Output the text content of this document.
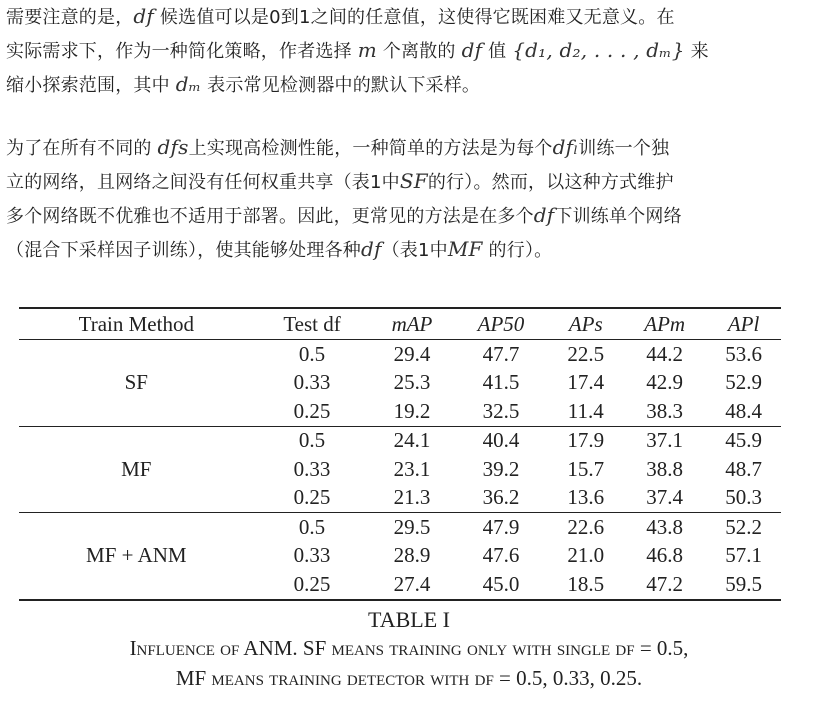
需要注意的是，df 候选值可以是0到1之间的任意值，这使得它既困难又无意义。在
实际需求下，作为一种简化策略，作者选择 m 个离散的 df 值 {d₁, d₂, . . . , dₘ} 来
缩小探索范围，其中 dₘ 表示常见检测器中的默认下采样。
为了在所有不同的 dfs上实现高检测性能，一种简单的方法是为每个dfₗ训练一个独
立的网络，且网络之间没有任何权重共享（表1中SF的行）。然而，以这种方式维护
多个网络既不优雅也不适用于部署。因此，更常见的方法是在多个df下训练单个网络
（混合下采样因子训练），使其能够处理各种df（表1中MF 的行）。
Train Method	Test df	mAP	AP50	APs	APm	APl
SF	0.5	29.4	47.7	22.5	44.2	53.6
	0.33	25.3	41.5	17.4	42.9	52.9
	0.25	19.2	32.5	11.4	38.3	48.4
MF	0.5	24.1	40.4	17.9	37.1	45.9
	0.33	23.1	39.2	15.7	38.8	48.7
	0.25	21.3	36.2	13.6	37.4	50.3
MF + ANM	0.5	29.5	47.9	22.6	43.8	52.2
	0.33	28.9	47.6	21.0	46.8	57.1
	0.25	27.4	45.0	18.5	47.2	59.5
TABLE I
Influence of ANM. SF means training only with single df = 0.5,
MF means training detector with df = 0.5, 0.33, 0.25.
